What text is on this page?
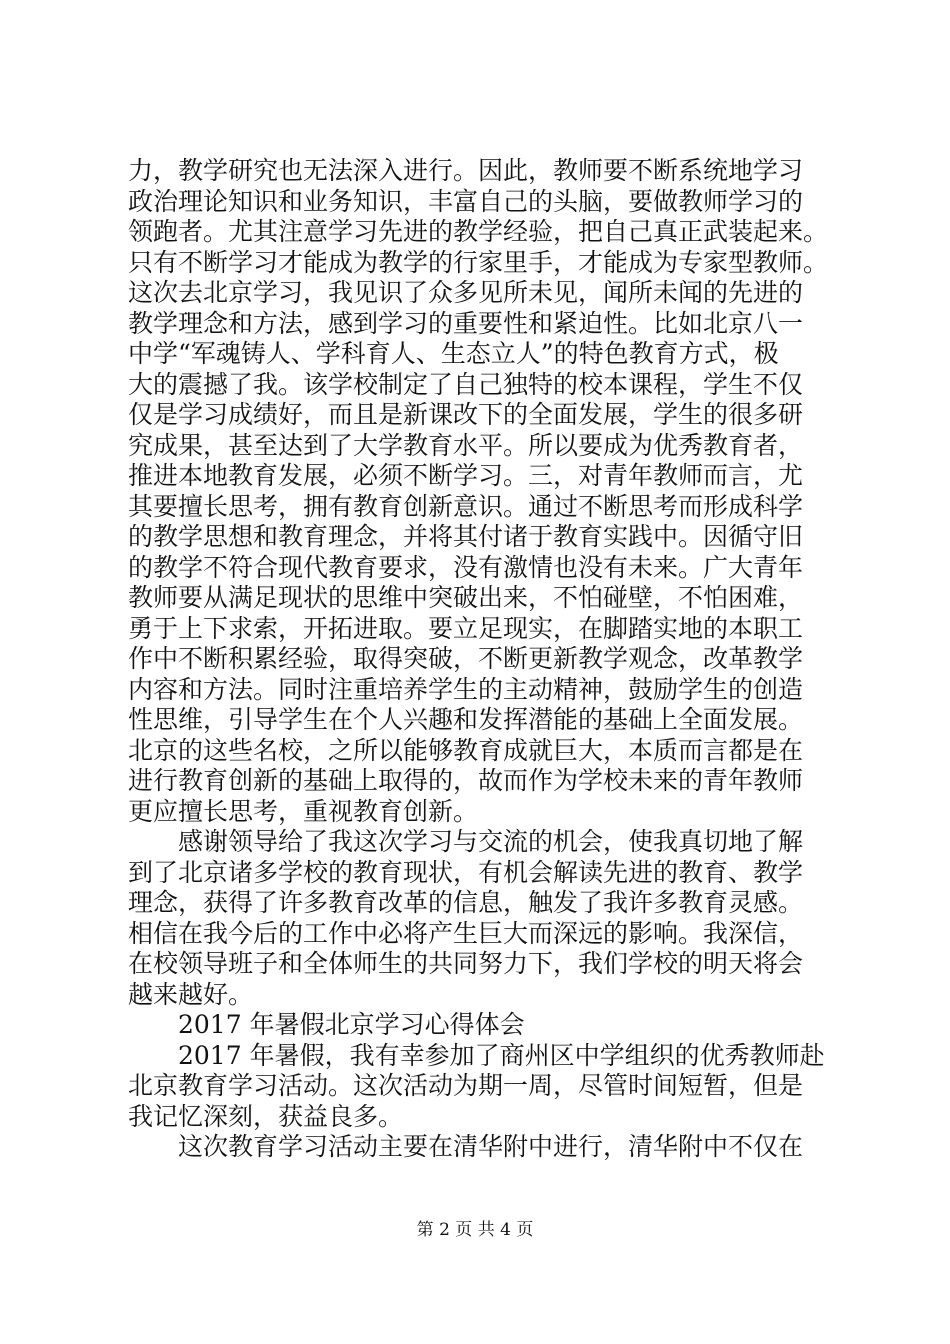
力，教学研究也无法深入进行。因此，教师要不断系统地学习
政治理论知识和业务知识，丰富自己的头脑，要做教师学习的
领跑者。尤其注意学习先进的教学经验，把自己真正武装起来。
只有不断学习才能成为教学的行家里手，才能成为专家型教师。
这次去北京学习，我见识了众多见所未见，闻所未闻的先进的
教学理念和方法，感到学习的重要性和紧迫性。比如北京八一
中学“军魂铸人、学科育人、生态立人”的特色教育方式，极
大的震撼了我。该学校制定了自己独特的校本课程，学生不仅
仅是学习成绩好，而且是新课改下的全面发展，学生的很多研
究成果，甚至达到了大学教育水平。所以要成为优秀教育者，
推进本地教育发展，必须不断学习。三，对青年教师而言，尤
其要擅长思考，拥有教育创新意识。通过不断思考而形成科学
的教学思想和教育理念，并将其付诸于教育实践中。因循守旧
的教学不符合现代教育要求，没有激情也没有未来。广大青年
教师要从满足现状的思维中突破出来，不怕碰壁，不怕困难，
勇于上下求索，开拓进取。要立足现实，在脚踏实地的本职工
作中不断积累经验，取得突破，不断更新教学观念，改革教学
内容和方法。同时注重培养学生的主动精神，鼓励学生的创造
性思维，引导学生在个人兴趣和发挥潜能的基础上全面发展。
北京的这些名校，之所以能够教育成就巨大，本质而言都是在
进行教育创新的基础上取得的，故而作为学校未来的青年教师
更应擅长思考，重视教育创新。
感谢领导给了我这次学习与交流的机会，使我真切地了解
到了北京诸多学校的教育现状，有机会解读先进的教育、教学
理念，获得了许多教育改革的信息，触发了我许多教育灵感。
相信在我今后的工作中必将产生巨大而深远的影响。我深信，
在校领导班子和全体师生的共同努力下，我们学校的明天将会
越来越好。
2017 年暑假北京学习心得体会
2017 年暑假，我有幸参加了商州区中学组织的优秀教师赴
北京教育学习活动。这次活动为期一周，尽管时间短暂，但是
我记忆深刻，获益良多。
这次教育学习活动主要在清华附中进行，清华附中不仅在
第 2 页 共 4 页
